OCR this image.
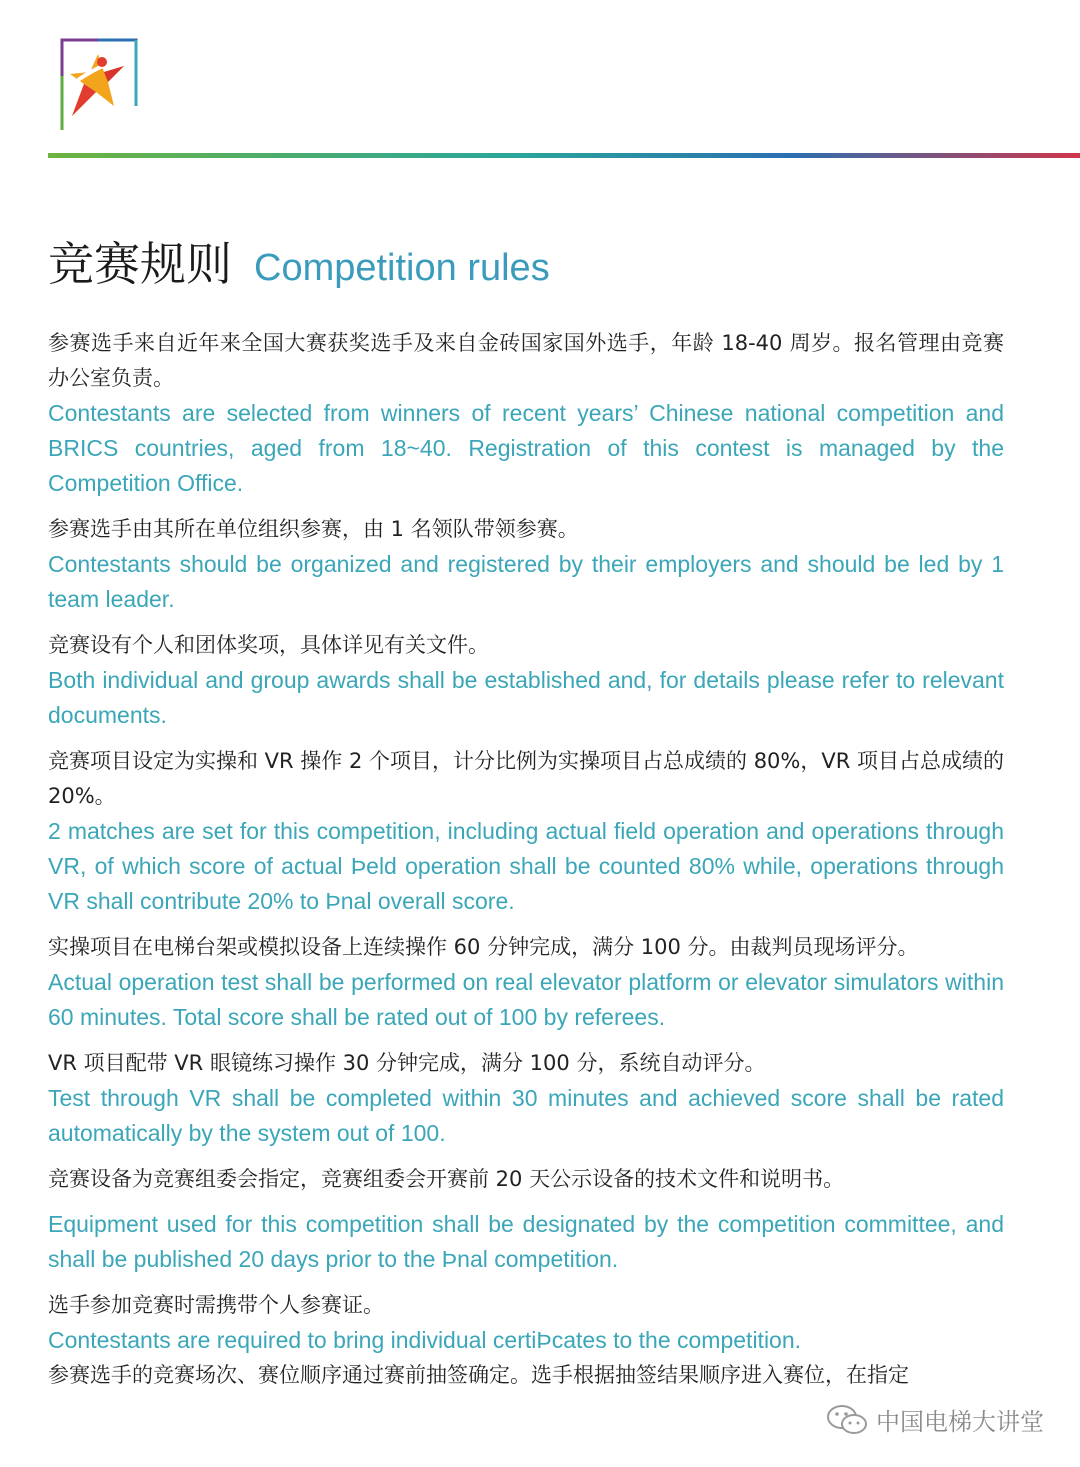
竞赛规则 Competition rules

参赛选手来自近年来全国大赛获奖选手及来自金砖国家国外选手，年龄 18-40 周岁。报名管理由竞赛办公室负责。

Contestants are selected from winners of recent years’ Chinese national competition and BRICS countries, aged from 18~40. Registration of this contest is managed by the Competition Office.

参赛选手由其所在单位组织参赛，由 1 名领队带领参赛。

Contestants should be organized and registered by their employers and should be led by 1 team leader.

竞赛设有个人和团体奖项，具体详见有关文件。

Both individual and group awards shall be established and, for details please refer to relevant documents.

竞赛项目设定为实操和 VR 操作 2 个项目，计分比例为实操项目占总成绩的 80%，VR 项目占总成绩的 20%。

2 matches are set for this competition, including actual field operation and operations through VR, of which score of actual Þeld operation shall be counted 80% while, operations through VR shall contribute 20% to Þnal overall score.

实操项目在电梯台架或模拟设备上连续操作 60 分钟完成，满分 100 分。由裁判员现场评分。

Actual operation test shall be performed on real elevator platform or elevator simulators within 60 minutes. Total score shall be rated out of 100 by referees.

VR 项目配带 VR 眼镜练习操作 30 分钟完成，满分 100 分，系统自动评分。

Test through VR shall be completed within 30 minutes and achieved score shall be rated automatically by the system out of 100.

竞赛设备为竞赛组委会指定，竞赛组委会开赛前 20 天公示设备的技术文件和说明书。

Equipment used for this competition shall be designated by the competition committee, and shall be published 20 days prior to the Þnal competition.

选手参加竞赛时需携带个人参赛证。

Contestants are required to bring individual certiÞcates to the competition.

参赛选手的竞赛场次、赛位顺序通过赛前抽签确定。选手根据抽签结果顺序进入赛位，在指定

中国电梯大讲堂
